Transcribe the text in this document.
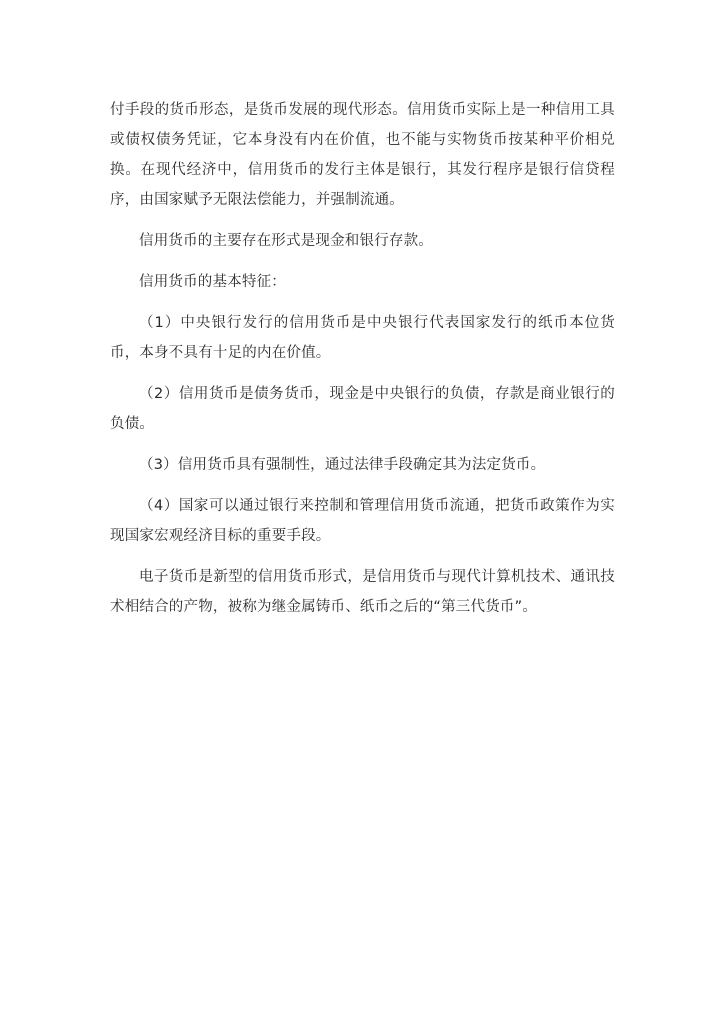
付手段的货币形态，是货币发展的现代形态。信用货币实际上是一种信用工具或债权债务凭证，它本身没有内在价值，也不能与实物货币按某种平价相兑换。在现代经济中，信用货币的发行主体是银行，其发行程序是银行信贷程序，由国家赋予无限法偿能力，并强制流通。

信用货币的主要存在形式是现金和银行存款。

信用货币的基本特征：

（1）中央银行发行的信用货币是中央银行代表国家发行的纸币本位货币，本身不具有十足的内在价值。

（2）信用货币是债务货币，现金是中央银行的负债，存款是商业银行的负债。

（3）信用货币具有强制性，通过法律手段确定其为法定货币。

（4）国家可以通过银行来控制和管理信用货币流通，把货币政策作为实现国家宏观经济目标的重要手段。

电子货币是新型的信用货币形式，是信用货币与现代计算机技术、通讯技术相结合的产物，被称为继金属铸币、纸币之后的“第三代货币”。
